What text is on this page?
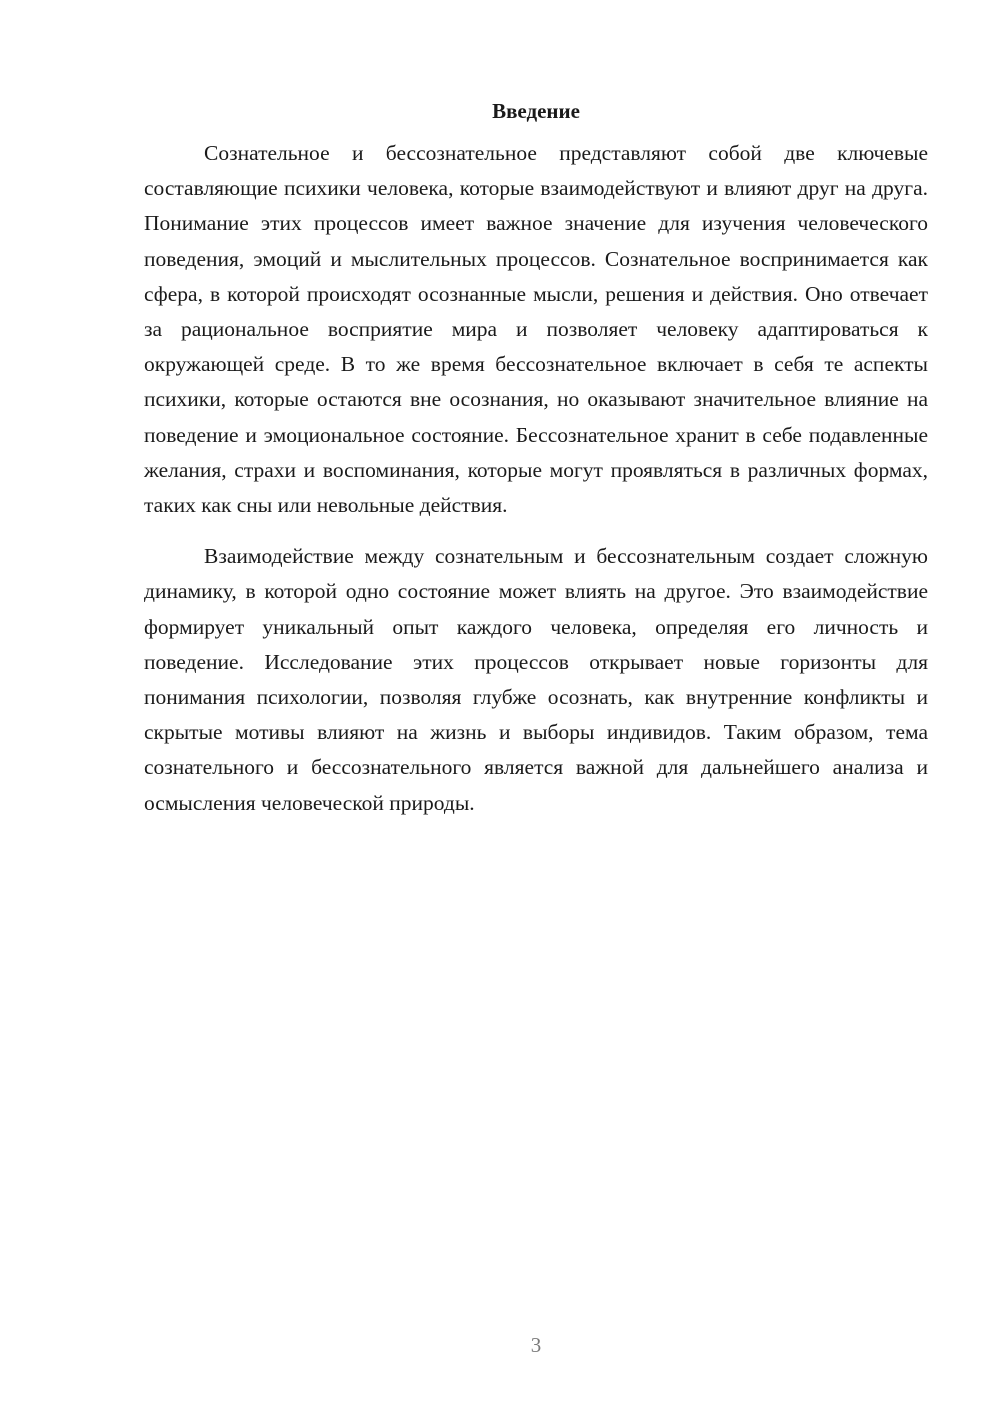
Введение

Сознательное и бессознательное представляют собой две ключевые составляющие психики человека, которые взаимодействуют и влияют друг на друга. Понимание этих процессов имеет важное значение для изучения человеческого поведения, эмоций и мыслительных процессов. Сознательное воспринимается как сфера, в которой происходят осознанные мысли, решения и действия. Оно отвечает за рациональное восприятие мира и позволяет человеку адаптироваться к окружающей среде. В то же время бессознательное включает в себя те аспекты психики, которые остаются вне осознания, но оказывают значительное влияние на поведение и эмоциональное состояние. Бессознательное хранит в себе подавленные желания, страхи и воспоминания, которые могут проявляться в различных формах, таких как сны или невольные действия.

Взаимодействие между сознательным и бессознательным создает сложную динамику, в которой одно состояние может влиять на другое. Это взаимодействие формирует уникальный опыт каждого человека, определяя его личность и поведение. Исследование этих процессов открывает новые горизонты для понимания психологии, позволяя глубже осознать, как внутренние конфликты и скрытые мотивы влияют на жизнь и выборы индивидов. Таким образом, тема сознательного и бессознательного является важной для дальнейшего анализа и осмысления человеческой природы.

3
